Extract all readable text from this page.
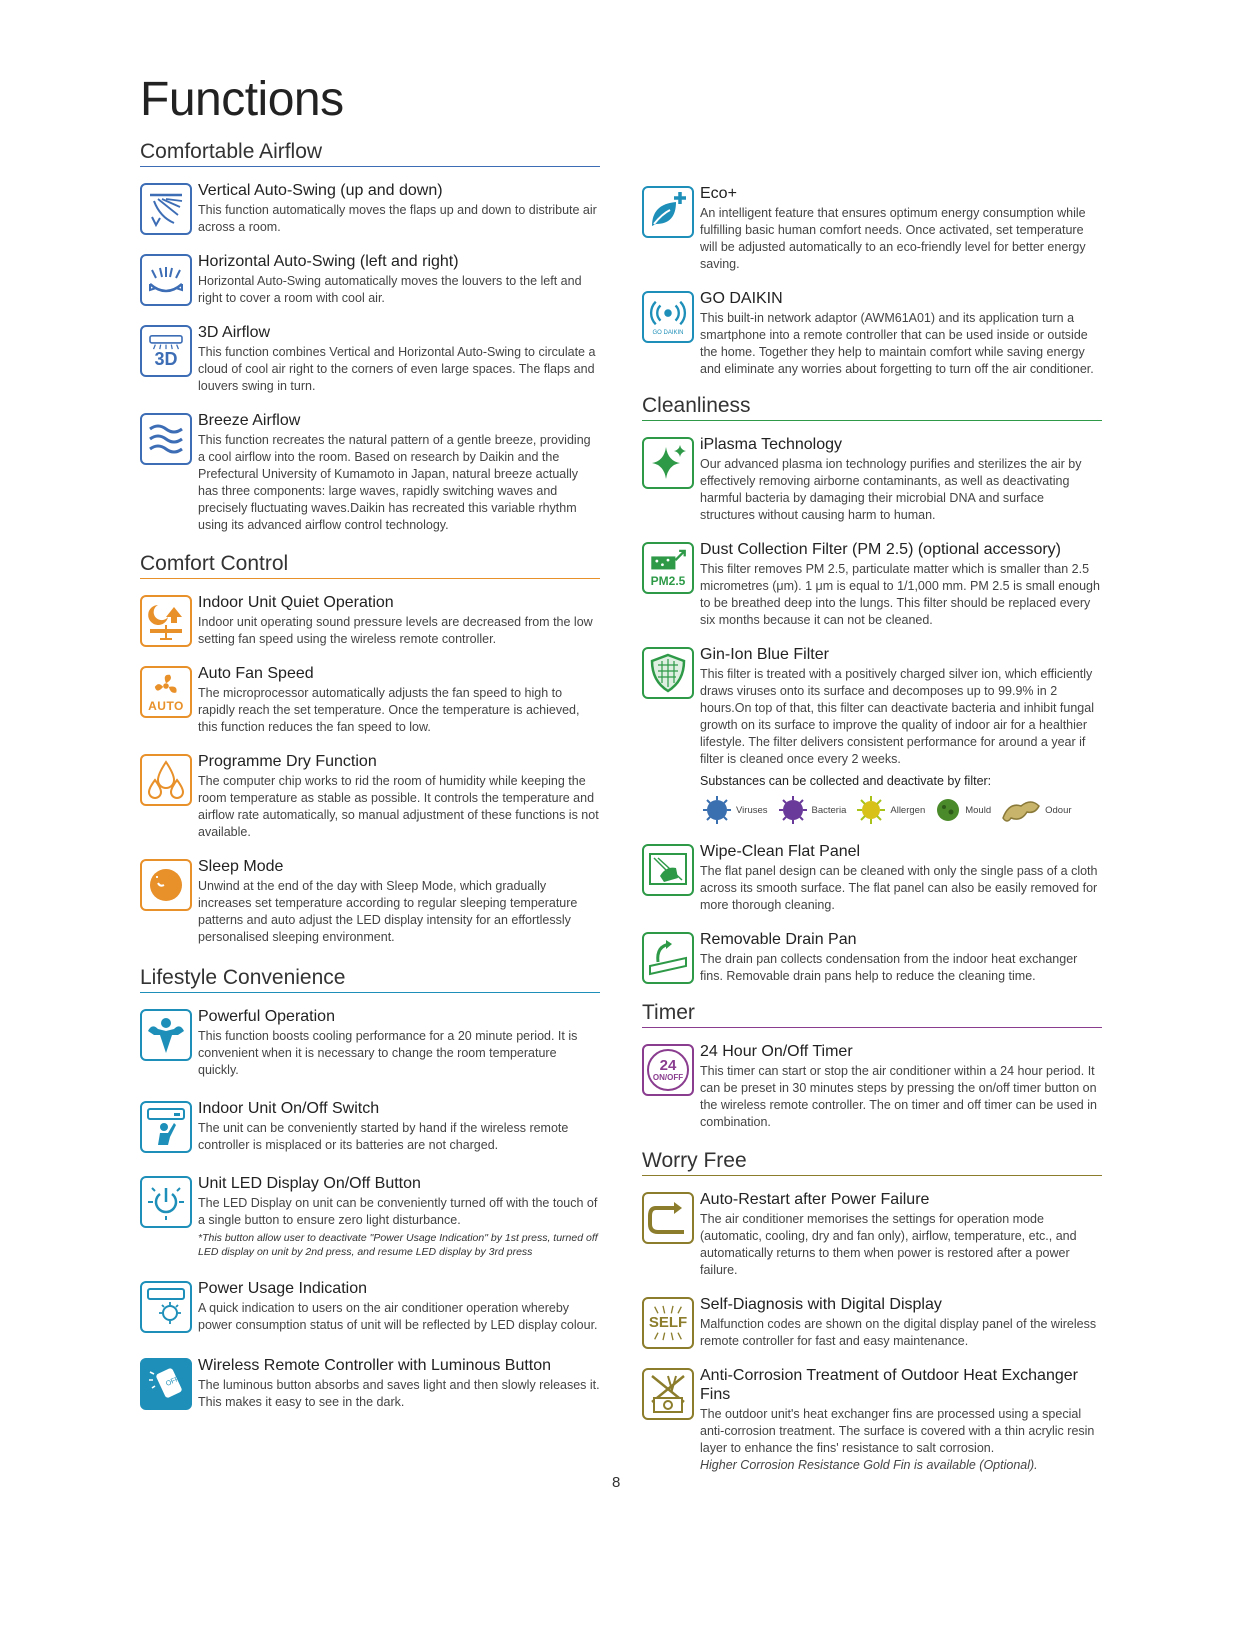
Functions
Comfortable Airflow
Vertical Auto-Swing (up and down)

This function automatically moves the flaps up and down to distribute air across a room.

Horizontal Auto-Swing (left and right)

Horizontal Auto-Swing automatically moves the louvers to the left and right to cover a room with cool air.

3D
3D Airflow

This function combines Vertical and Horizontal Auto-Swing to circulate a cloud of cool air right to the corners of even large spaces. The flaps and louvers swing in turn.

Breeze Airflow

This function recreates the natural pattern of a gentle breeze, providing a cool airflow into the room. Based on research by Daikin and the Prefectural University of Kumamoto in Japan, natural breeze actually has three components: large waves, rapidly switching waves and precisely fluctuating waves.Daikin has recreated this variable rhythm using its advanced airflow control technology.

Comfort Control
Indoor Unit Quiet Operation

Indoor unit operating sound pressure levels are decreased from the low setting fan speed using the wireless remote controller.

AUTO
Auto Fan Speed

The microprocessor automatically adjusts the fan speed to high to rapidly reach the set temperature. Once the temperature is achieved, this function reduces the fan speed to low.

Programme Dry Function

The computer chip works to rid the room of humidity while keeping the room temperature as stable as possible. It controls the temperature and airflow rate automatically, so manual adjustment of these functions is not available.

Sleep Mode

Unwind at the end of the day with Sleep Mode, which gradually increases set temperature according to regular sleeping temperature patterns and auto adjust the LED display intensity for an effortlessly personalised sleeping environment.

Lifestyle Convenience
Powerful Operation

This function boosts cooling performance for a 20 minute period. It is convenient when it is necessary to change the room temperature quickly.

Indoor Unit On/Off Switch

The unit can be conveniently started by hand if the wireless remote controller is misplaced or its batteries are not charged.

Unit LED Display On/Off Button

The LED Display on unit can be conveniently turned off with the touch of a single button to ensure zero light disturbance.

*This button allow user to deactivate "Power Usage Indication" by 1st press, turned off LED display on unit by 2nd press, and resume LED display by 3rd press

Power Usage Indication

A quick indication to users on the air conditioner operation whereby power consumption status of unit will be reflected by LED display colour.

OFF
Wireless Remote Controller with Luminous Button

The luminous button absorbs and saves light and then slowly releases it. This makes it easy to see in the dark.

Eco+

An intelligent feature that ensures optimum energy consumption while fulfilling basic human comfort needs. Once activated, set temperature will be adjusted automatically to an eco-friendly level for better energy saving.

GO DAIKIN
GO DAIKIN

This built-in network adaptor (AWM61A01) and its application turn a smartphone into a remote controller that can be used inside or outside the home. Together they help to maintain comfort while saving energy and eliminate any worries about forgetting to turn off the air conditioner.

Cleanliness
iPlasma Technology

Our advanced plasma ion technology purifies and sterilizes the air by effectively removing airborne contaminants, as well as deactivating harmful bacteria by damaging their microbial DNA and surface structures without causing harm to human.

PM2.5
Dust Collection Filter (PM 2.5) (optional accessory)

This filter removes PM 2.5, particulate matter which is smaller than 2.5 micrometres (μm). 1 μm is equal to 1/1,000 mm. PM 2.5 is small enough to be breathed deep into the lungs. This filter should be replaced every six months because it can not be cleaned.

Gin-Ion Blue Filter

This filter is treated with a positively charged silver ion, which efficiently draws viruses onto its surface and decomposes up to 99.9% in 2 hours.On top of that, this filter can deactivate bacteria and inhibit fungal growth on its surface to improve the quality of indoor air for a healthier lifestyle. The filter delivers consistent performance for around a year if filter is cleaned once every 2 weeks.

Substances can be collected and deactivate by filter:
Viruses	Bacteria	Allergen	Mould	Odour
Wipe-Clean Flat Panel

The flat panel design can be cleaned with only the single pass of a cloth across its smooth surface. The flat panel can also be easily removed for more thorough cleaning.

Removable Drain Pan

The drain pan collects condensation from the indoor heat exchanger fins. Removable drain pans help to reduce the cleaning time.

Timer
24
ON/OFF
24 Hour On/Off Timer

This timer can start or stop the air conditioner within a 24 hour period. It can be preset in 30 minutes steps by pressing the on/off timer button on the wireless remote controller. The on timer and off timer can be used in combination.

Worry Free
Auto-Restart after Power Failure

The air conditioner memorises the settings for operation mode (automatic, cooling, dry and fan only), airflow, temperature, etc., and automatically returns to them when power is restored after a power failure.

SELF
Self-Diagnosis with Digital Display

Malfunction codes are shown on the digital display panel of the wireless remote controller for fast and easy maintenance.

Anti-Corrosion Treatment of Outdoor Heat Exchanger Fins

The outdoor unit's heat exchanger fins are processed using a special anti-corrosion treatment. The surface is covered with a thin acrylic resin layer to enhance the fins' resistance to salt corrosion.

Higher Corrosion Resistance Gold Fin is available (Optional).

8
